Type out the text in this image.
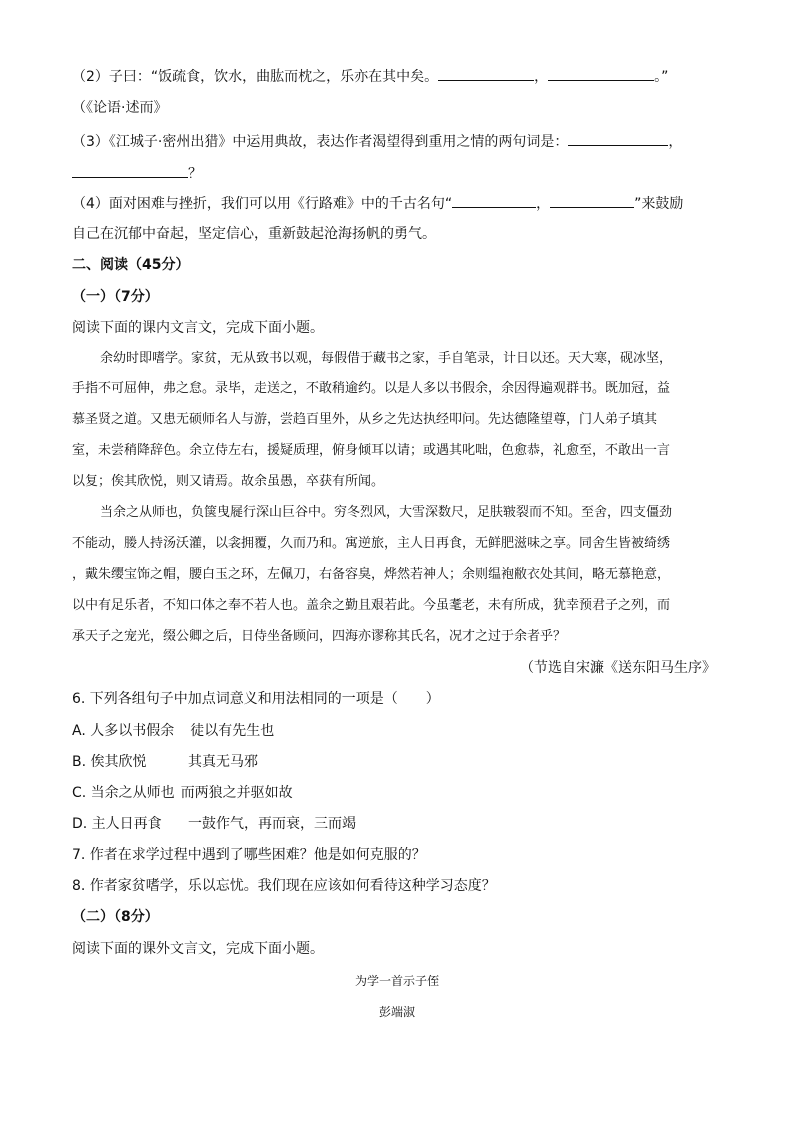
（2）子曰：“饭疏食，饮水，曲肱而枕之，乐亦在其中矣。	，	。”
（《论语·述而》
（3）《江城子·密州出猎》中运用典故，表达作者渴望得到重用之情的两句词是：	，
？
（4）面对困难与挫折，我们可以用《行路难》中的千古名句“	，	”来鼓励
自己在沉郁中奋起，坚定信心，重新鼓起沧海扬帆的勇气。
二、阅读（45分）
（一）（7分）
阅读下面的课内文言文，完成下面小题。
余幼时即嗜学。家贫，无从致书以观，每假借于藏书之家，手自笔录，计日以还。天大寒，砚冰坚，
手指不可屈伸，弗之怠。录毕，走送之，不敢稍逾约。以是人多以书假余，余因得遍观群书。既加冠，益
慕圣贤之道。又患无硕师名人与游，尝趋百里外，从乡之先达执经叩问。先达德隆望尊，门人弟子填其
室，未尝稍降辞色。余立侍左右，援疑质理，俯身倾耳以请；或遇其叱咄，色愈恭，礼愈至，不敢出一言
以复；俟其欣悦，则又请焉。故余虽愚，卒获有所闻。
当余之从师也，负箧曳屣行深山巨谷中。穷冬烈风，大雪深数尺，足肤皲裂而不知。至舍，四支僵劲
不能动，媵人持汤沃灌，以衾拥覆，久而乃和。寓逆旅，主人日再食，无鲜肥滋味之享。同舍生皆被绮绣
，戴朱缨宝饰之帽，腰白玉之环，左佩刀，右备容臭，烨然若神人；余则缊袍敝衣处其间，略无慕艳意，
以中有足乐者，不知口体之奉不若人也。盖余之勤且艰若此。今虽耄老，未有所成，犹幸预君子之列，而
承天子之宠光，缀公卿之后，日侍坐备顾问，四海亦谬称其氏名，况才之过于余者乎？
（节选自宋濂《送东阳马生序》
6. 下列各组句子中加点词意义和用法相同的一项是（　　）
A. 人多以书假余 徒以有先生也
B. 俟其欣悦	其真无马邪
C. 当余之从师也 而两狼之并驱如故
D. 主人日再食 一鼓作气，再而衰，三而竭
7. 作者在求学过程中遇到了哪些困难？他是如何克服的？
8. 作者家贫嗜学，乐以忘忧。我们现在应该如何看待这种学习态度？
（二）（8分）
阅读下面的课外文言文，完成下面小题。
为学一首示子侄
彭端淑
